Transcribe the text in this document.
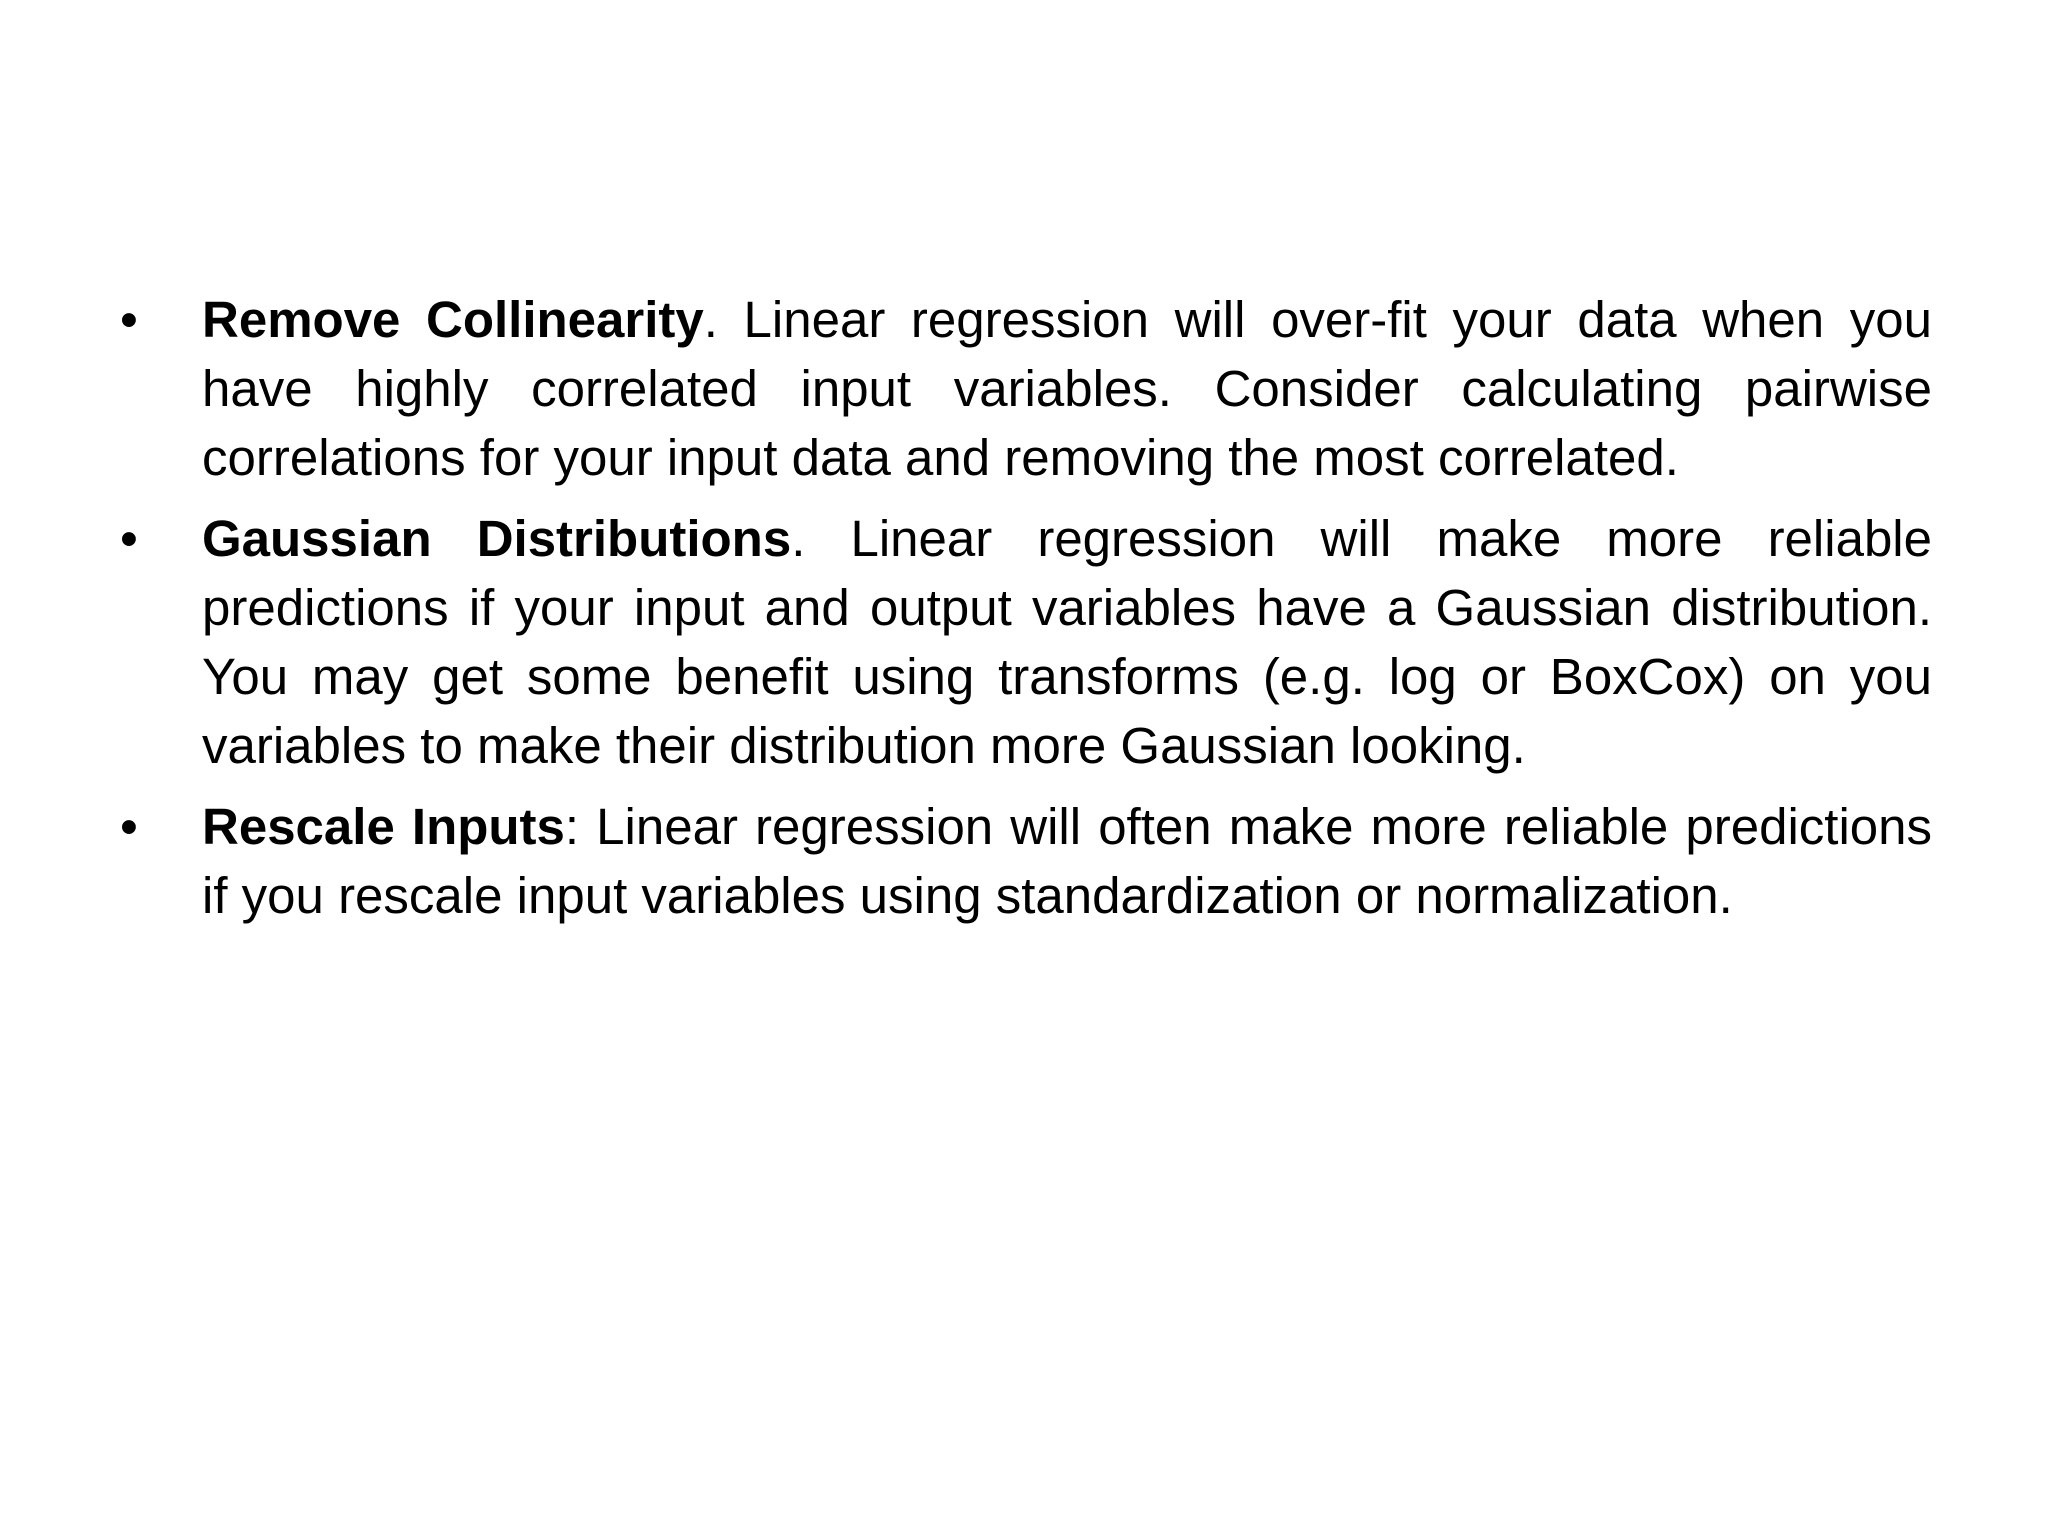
• Remove Collinearity. Linear regression will over-fit your data when you have highly correlated input variables. Consider calculating pairwise correlations for your input data and removing the most correlated.
• Gaussian Distributions. Linear regression will make more reliable predictions if your input and output variables have a Gaussian distribution. You may get some benefit using transforms (e.g. log or BoxCox) on you variables to make their distribution more Gaussian looking.
• Rescale Inputs: Linear regression will often make more reliable predictions if you rescale input variables using standardization or normalization.
